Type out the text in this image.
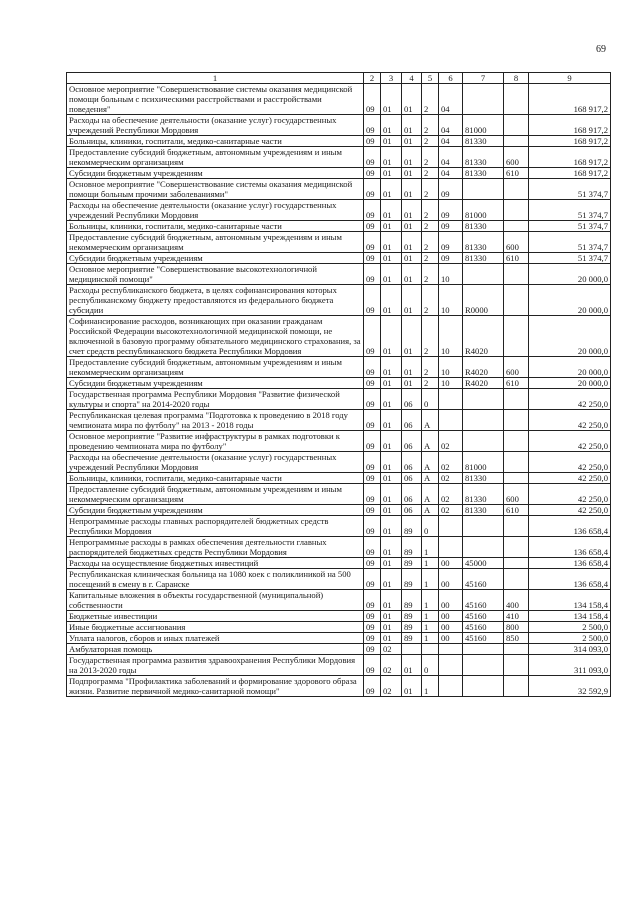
69
1	2	3	4	5	6	7	8	9
Основное мероприятие "Совершенствование системы оказания медицинской помощи больным с психическими расстройствами и расстройствами поведения"	09	01	01	2	04			168 917,2
Расходы на обеспечение деятельности (оказание услуг) государственных учреждений Республики Мордовия	09	01	01	2	04	81000		168 917,2
Больницы, клиники, госпитали, медико-санитарные части	09	01	01	2	04	81330		168 917,2
Предоставление субсидий бюджетным, автономным учреждениям и иным некоммерческим организациям	09	01	01	2	04	81330	600	168 917,2
Субсидии бюджетным учреждениям	09	01	01	2	04	81330	610	168 917,2
Основное мероприятие "Совершенствование системы оказания медицинской помощи больным прочими заболеваниями"	09	01	01	2	09			51 374,7
Расходы на обеспечение деятельности (оказание услуг) государственных учреждений Республики Мордовия	09	01	01	2	09	81000		51 374,7
Больницы, клиники, госпитали, медико-санитарные части	09	01	01	2	09	81330		51 374,7
Предоставление субсидий бюджетным, автономным учреждениям и иным некоммерческим организациям	09	01	01	2	09	81330	600	51 374,7
Субсидии бюджетным учреждениям	09	01	01	2	09	81330	610	51 374,7
Основное мероприятие "Совершенствование высокотехнологичной медицинской помощи"	09	01	01	2	10			20 000,0
Расходы республиканского бюджета, в целях софинансирования которых республиканскому бюджету предоставляются из федерального бюджета субсидии	09	01	01	2	10	R0000		20 000,0
Софинансирование расходов, возникающих при оказании гражданам Российской Федерации высокотехнологичной медицинской помощи, не включенной в базовую программу обязательного медицинского страхования, за счет средств республиканского бюджета Республики Мордовия	09	01	01	2	10	R4020		20 000,0
Предоставление субсидий бюджетным, автономным учреждениям и иным некоммерческим организациям	09	01	01	2	10	R4020	600	20 000,0
Субсидии бюджетным учреждениям	09	01	01	2	10	R4020	610	20 000,0
Государственная программа Республики Мордовия "Развитие физической культуры и спорта" на 2014-2020 годы	09	01	06	0				42 250,0
Республиканская целевая программа "Подготовка к проведению в 2018 году чемпионата мира по футболу" на 2013 - 2018 годы	09	01	06	A				42 250,0
Основное мероприятие "Развитие инфраструктуры в рамках подготовки к проведению чемпионата мира по футболу"	09	01	06	A	02			42 250,0
Расходы на обеспечение деятельности (оказание услуг) государственных учреждений Республики Мордовия	09	01	06	A	02	81000		42 250,0
Больницы, клиники, госпитали, медико-санитарные части	09	01	06	A	02	81330		42 250,0
Предоставление субсидий бюджетным, автономным учреждениям и иным некоммерческим организациям	09	01	06	A	02	81330	600	42 250,0
Субсидии бюджетным учреждениям	09	01	06	A	02	81330	610	42 250,0
Непрограммные расходы главных распорядителей бюджетных средств Республики Мордовия	09	01	89	0				136 658,4
Непрограммные расходы в рамках обеспечения деятельности главных распорядителей бюджетных средств Республики Мордовия	09	01	89	1				136 658,4
Расходы на осуществление бюджетных инвестиций	09	01	89	1	00	45000		136 658,4
Республиканская клиническая больница на 1080 коек с поликлиникой на 500 посещений в смену в г. Саранске	09	01	89	1	00	45160		136 658,4
Капитальные вложения в объекты государственной (муниципальной) собственности	09	01	89	1	00	45160	400	134 158,4
Бюджетные инвестиции	09	01	89	1	00	45160	410	134 158,4
Иные бюджетные ассигнования	09	01	89	1	00	45160	800	2 500,0
Уплата налогов, сборов и иных платежей	09	01	89	1	00	45160	850	2 500,0
Амбулаторная помощь	09	02						314 093,0
Государственная программа развития здравоохранения Республики Мордовия на 2013-2020 годы	09	02	01	0				311 093,0
Подпрограмма "Профилактика заболеваний и формирование здорового образа жизни. Развитие первичной медико-санитарной помощи"	09	02	01	1				32 592,9
